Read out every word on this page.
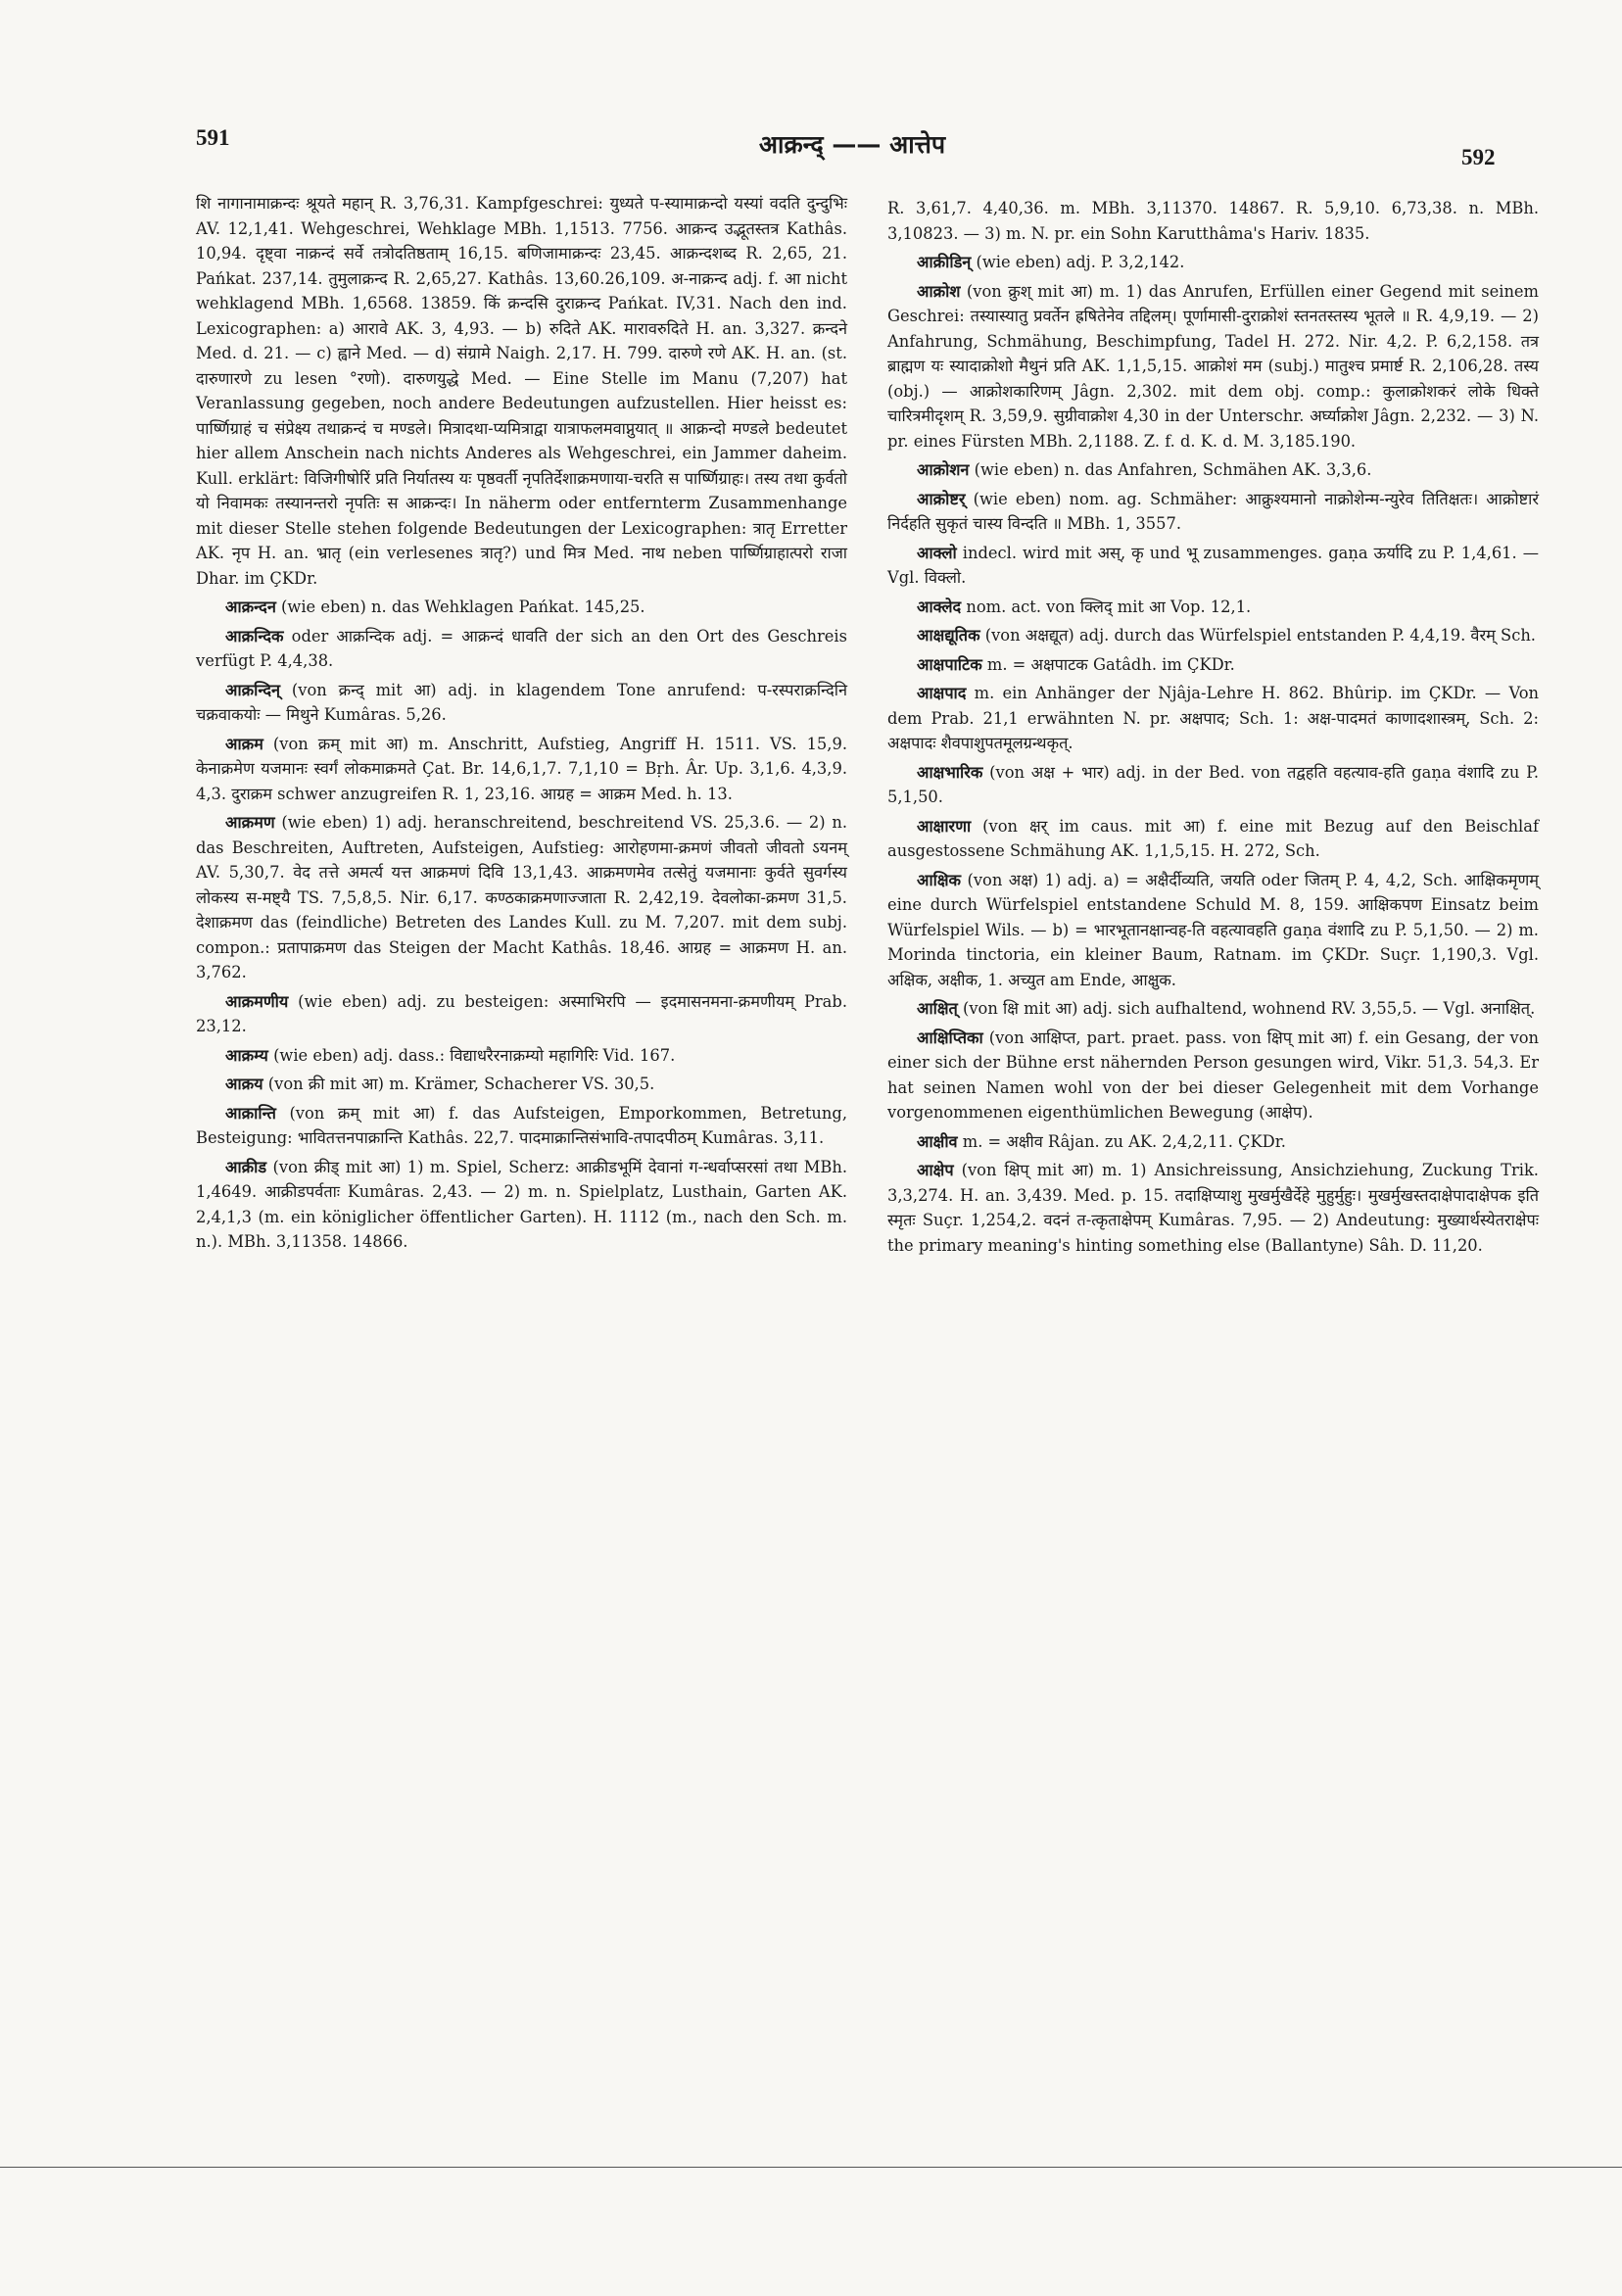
591	आक्रन्द् —— आत्तेप	592

शि नागानामाक्रन्दः श्रूयते महान् R. 3,76,31. Kampfgeschrei: युध्यते प-स्यामाक्रन्दो यस्यां वदति दुन्दुभिः AV. 12,1,41. Wehgeschrei, Wehklage MBh. 1,1513. 7756. आक्रन्द उद्भूतस्तत्र Kathâs. 10,94. दृष्ट्वा नाक्रन्दं सर्वे तत्रोदतिष्ठताम् 16,15. बणिजामाक्रन्दः 23,45. आक्रन्दशब्द R. 2,65, 21. Pańkat. 237,14. तुमुलाक्रन्द R. 2,65,27. Kathâs. 13,60.26,109. अ-नाक्रन्द adj. f. आ nicht wehklagend MBh. 1,6568. 13859. किं क्रन्दसि दुराक्रन्द Pańkat. IV,31. Nach den ind. Lexicographen: a) आरावे AK. 3, 4,93. — b) रुदिते AK. मारावरुदिते H. an. 3,327. क्रन्दने Med. d. 21. — c) ह्वाने Med. — d) संग्रामे Naigh. 2,17. H. 799. दारुणे रणे AK. H. an. (st. दारुणारणे zu lesen °रणो). दारुणयुद्धे Med. — Eine Stelle im Manu (7,207) hat Veranlassung gegeben, noch andere Bedeutungen aufzustellen. Hier heisst es: पार्ष्णिग्राहं च संप्रेक्ष्य तथाक्रन्दं च मण्डले। मित्रादथा-प्यमित्राद्वा यात्राफलमवाप्नुयात् ॥ आक्रन्दो मण्डले bedeutet hier allem Anschein nach nichts Anderes als Wehgeschrei, ein Jammer daheim. Kull. erklärt: विजिगीषोरिं प्रति निर्यातस्य यः पृष्ठवर्ती नृपतिर्देशाक्रमणाया-चरति स पार्ष्णिग्राहः। तस्य तथा कुर्वतो यो निवामकः तस्यानन्तरो नृपतिः स आक्रन्दः। In näherm oder entfernterm Zusammenhange mit dieser Stelle stehen folgende Bedeutungen der Lexicographen: त्रातृ Erretter AK. नृप H. an. भ्रातृ (ein verlesenes त्रातृ?) und मित्र Med. नाथ neben पार्ष्णिग्राहात्परो राजा Dhar. im ÇKDr.

आक्रन्दन (wie eben) n. das Wehklagen Pańkat. 145,25.

आक्रन्दिक oder आक्रन्दिक adj. = आक्रन्दं धावति der sich an den Ort des Geschreis verfügt P. 4,4,38.

आक्रन्दिन् (von क्रन्द् mit आ) adj. in klagendem Tone anrufend: प-रस्पराक्रन्दिनि चक्रवाकयोः — मिथुने Kumâras. 5,26.

आक्रम (von क्रम् mit आ) m. Anschritt, Aufstieg, Angriff H. 1511. VS. 15,9. केनाक्रमेण यजमानः स्वर्गं लोकमाक्रमते Çat. Br. 14,6,1,7. 7,1,10 = Bṛh. Âr. Up. 3,1,6. 4,3,9. 4,3. दुराक्रम schwer anzugreifen R. 1, 23,16. आग्रह = आक्रम Med. h. 13.

आक्रमण (wie eben) 1) adj. heranschreitend, beschreitend VS. 25,3.6. — 2) n. das Beschreiten, Auftreten, Aufsteigen, Aufstieg: आरोहणमा-क्रमणं जीवतो जीवतो ऽयनम् AV. 5,30,7. वेद तत्ते अमर्त्य यत्त आक्रमणं दिवि 13,1,43. आक्रमणमेव तत्सेतुं यजमानाः कुर्वते सुवर्गस्य लोकस्य स-मष्ट्यै TS. 7,5,8,5. Nir. 6,17. कण्ठकाक्रमणाज्जाता R. 2,42,19. देवलोका-क्रमण 31,5. देशाक्रमण das (feindliche) Betreten des Landes Kull. zu M. 7,207. mit dem subj. compon.: प्रतापाक्रमण das Steigen der Macht Kathâs. 18,46. आग्रह = आक्रमण H. an. 3,762.

आक्रमणीय (wie eben) adj. zu besteigen: अस्माभिरपि — इदमासनमना-क्रमणीयम् Prab. 23,12.

आक्रम्य (wie eben) adj. dass.: विद्याधरैरनाक्रम्यो महागिरिः Vid. 167.

आक्रय (von क्री mit आ) m. Krämer, Schacherer VS. 30,5.

आक्रान्ति (von क्रम् mit आ) f. das Aufsteigen, Emporkommen, Betretung, Besteigung: भावितत्तनपाक्रान्ति Kathâs. 22,7. पादमाक्रान्तिसंभावि-तपादपीठम् Kumâras. 3,11.

आक्रीड (von क्रीड् mit आ) 1) m. Spiel, Scherz: आक्रीडभूमिं देवानां ग-न्धर्वाप्सरसां तथा MBh. 1,4649. आक्रीडपर्वताः Kumâras. 2,43. — 2) m. n. Spielplatz, Lusthain, Garten AK. 2,4,1,3 (m. ein königlicher öffentlicher Garten). H. 1112 (m., nach den Sch. m. n.). MBh. 3,11358. 14866.

R. 3,61,7. 4,40,36. m. MBh. 3,11370. 14867. R. 5,9,10. 6,73,38. n. MBh. 3,10823. — 3) m. N. pr. ein Sohn Karutthâma's Hariv. 1835.

आक्रीडिन् (wie eben) adj. P. 3,2,142.

आक्रोश (von क्रुश् mit आ) m. 1) das Anrufen, Erfüllen einer Gegend mit seinem Geschrei: तस्यास्यातु प्रवर्तेन ह्रषितेनेव तद्दिलम्। पूर्णामासी-दुराक्रोशं स्तनतस्तस्य भूतले ॥ R. 4,9,19. — 2) Anfahrung, Schmähung, Beschimpfung, Tadel H. 272. Nir. 4,2. P. 6,2,158. तत्र ब्राह्मण यः स्यादाक्रोशो मैथुनं प्रति AK. 1,1,5,15. आक्रोशं मम (subj.) मातुश्च प्रमार्ष्ट R. 2,106,28. तस्य (obj.) — आक्रोशकारिणम् Jâgn. 2,302. mit dem obj. comp.: कुलाक्रोशकरं लोके धिक्ते चारित्रमीदृशम् R. 3,59,9. सुग्रीवाक्रोश 4,30 in der Unterschr. अर्घ्याक्रोश Jâgn. 2,232. — 3) N. pr. eines Fürsten MBh. 2,1188. Z. f. d. K. d. M. 3,185.190.

आक्रोशन (wie eben) n. das Anfahren, Schmähen AK. 3,3,6.

आक्रोष्टर् (wie eben) nom. ag. Schmäher: आक्रुश्यमानो नाक्रोशेन्म-न्युरेव तितिक्षतः। आक्रोष्टारं निर्दहति सुकृतं चास्य विन्दति ॥ MBh. 1, 3557.

आक्लो indecl. wird mit अस्, कृ und भू zusammenges. gaṇa ऊर्यादि zu P. 1,4,61. — Vgl. विक्लो.

आक्लेद nom. act. von क्लिद् mit आ Vop. 12,1.

आक्षद्यूतिक (von अक्षद्यूत) adj. durch das Würfelspiel entstanden P. 4,4,19. वैरम् Sch.

आक्षपाटिक m. = अक्षपाटक Gatâdh. im ÇKDr.

आक्षपाद m. ein Anhänger der Njâja-Lehre H. 862. Bhûrip. im ÇKDr. — Von dem Prab. 21,1 erwähnten N. pr. अक्षपाद; Sch. 1: अक्ष-पादमतं काणादशास्त्रम्, Sch. 2: अक्षपादः शैवपाशुपतमूलग्रन्थकृत्.

आक्षभारिक (von अक्ष + भार) adj. in der Bed. von तद्वहति वहत्याव-हति gaṇa वंशादि zu P. 5,1,50.

आक्षारणा (von क्षर् im caus. mit आ) f. eine mit Bezug auf den Beischlaf ausgestossene Schmähung AK. 1,1,5,15. H. 272, Sch.

आक्षिक (von अक्ष) 1) adj. a) = अक्षैर्दीव्यति, जयति oder जितम् P. 4, 4,2, Sch. आक्षिकमृणम् eine durch Würfelspiel entstandene Schuld M. 8, 159. आक्षिकपण Einsatz beim Würfelspiel Wils. — b) = भारभूतानक्षान्वह-ति वहत्यावहति gaṇa वंशादि zu P. 5,1,50. — 2) m. Morinda tinctoria, ein kleiner Baum, Ratnam. im ÇKDr. Suçr. 1,190,3. Vgl. अक्षिक, अक्षीक, 1. अच्युत am Ende, आक्षुक.

आक्षित् (von क्षि mit आ) adj. sich aufhaltend, wohnend RV. 3,55,5. — Vgl. अनाक्षित्.

आक्षिप्तिका (von आक्षिप्त, part. praet. pass. von क्षिप् mit आ) f. ein Gesang, der von einer sich der Bühne erst nähernden Person gesungen wird, Vikr. 51,3. 54,3. Er hat seinen Namen wohl von der bei dieser Gelegenheit mit dem Vorhange vorgenommenen eigenthümlichen Bewegung (आक्षेप).

आक्षीव m. = अक्षीव Râjan. zu AK. 2,4,2,11. ÇKDr.

आक्षेप (von क्षिप् mit आ) m. 1) Ansichreissung, Ansichziehung, Zuckung Trik. 3,3,274. H. an. 3,439. Med. p. 15. तदाक्षिप्याशु मुखर्मुखैर्देहे मुहुर्मुहुः। मुखर्मुखस्तदाक्षेपादाक्षेपक इति स्मृतः Suçr. 1,254,2. वदनं त-त्कृताक्षेपम् Kumâras. 7,95. — 2) Andeutung: मुख्यार्थस्येतराक्षेपः the primary meaning's hinting something else (Ballantyne) Sâh. D. 11,20.
